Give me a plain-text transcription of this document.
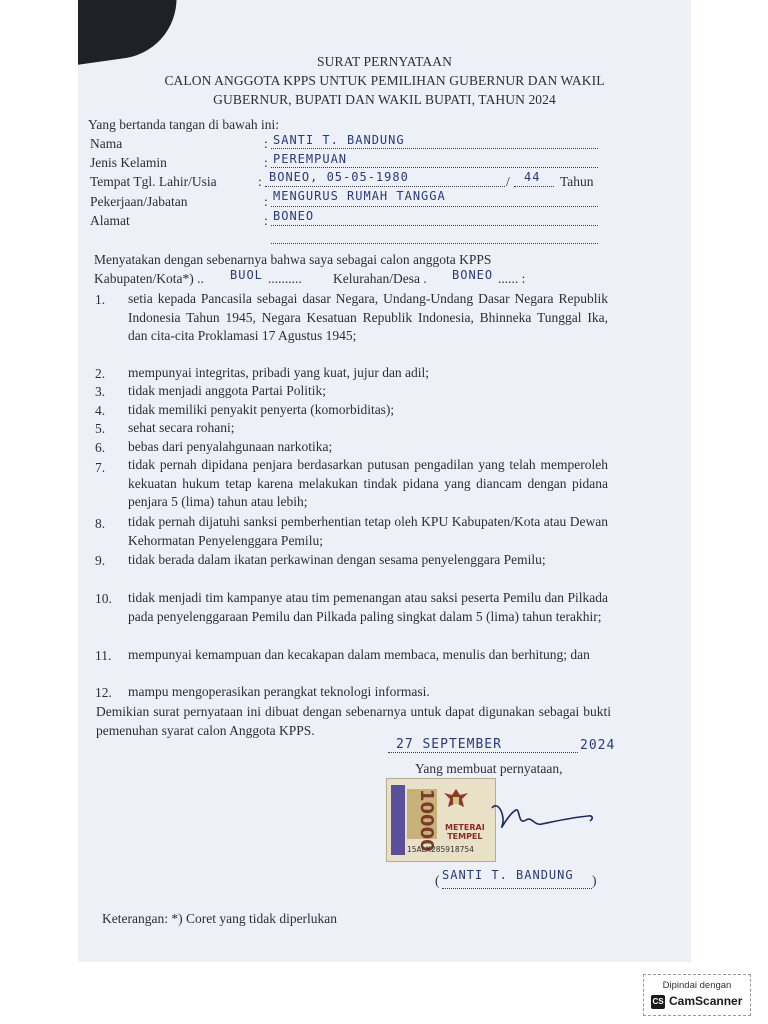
SURAT PERNYATAAN
CALON ANGGOTA KPPS UNTUK PEMILIHAN GUBERNUR DAN WAKIL
GUBERNUR, BUPATI DAN WAKIL BUPATI, TAHUN 2024
Yang bertanda tangan di bawah ini:
Nama	: SANTI T. BANDUNG
Jenis Kelamin	: PEREMPUAN
Tempat Tgl. Lahir/Usia	: BONEO, 05-05-1980	/ 44 Tahun
Pekerjaan/Jabatan	: MENGURUS RUMAH TANGGA
Alamat	: BONEO
Menyatakan dengan sebenarnya bahwa saya sebagai calon anggota KPPS
Kabupaten/Kota*) .. BUOL .......... Kelurahan/Desa . BONEO ...... :
1. setia kepada Pancasila sebagai dasar Negara, Undang-Undang Dasar Negara Republik Indonesia Tahun 1945, Negara Kesatuan Republik Indonesia, Bhinneka Tunggal Ika, dan cita-cita Proklamasi 17 Agustus 1945;
2. mempunyai integritas, pribadi yang kuat, jujur dan adil;
3. tidak menjadi anggota Partai Politik;
4. tidak memiliki penyakit penyerta (komorbiditas);
5. sehat secara rohani;
6. bebas dari penyalahgunaan narkotika;
7. tidak pernah dipidana penjara berdasarkan putusan pengadilan yang telah memperoleh kekuatan hukum tetap karena melakukan tindak pidana yang diancam dengan pidana penjara 5 (lima) tahun atau lebih;
8. tidak pernah dijatuhi sanksi pemberhentian tetap oleh KPU Kabupaten/Kota atau Dewan Kehormatan Penyelenggara Pemilu;
9. tidak berada dalam ikatan perkawinan dengan sesama penyelenggara Pemilu;
10. tidak menjadi tim kampanye atau tim pemenangan atau saksi peserta Pemilu dan Pilkada pada penyelenggaraan Pemilu dan Pilkada paling singkat dalam 5 (lima) tahun terakhir;
11. mempunyai kemampuan dan kecakapan dalam membaca, menulis dan berhitung; dan
12. mampu mengoperasikan perangkat teknologi informasi.
Demikian surat pernyataan ini dibuat dengan sebenarnya untuk dapat digunakan sebagai bukti pemenuhan syarat calon Anggota KPPS.
27 SEPTEMBER	2024
Yang membuat pernyataan,
10000 METERAI
TEMPEL
15ALX285918754
( SANTI T. BANDUNG )
Keterangan: *) Coret yang tidak diperlukan
Dipindai dengan
CS CamScanner
